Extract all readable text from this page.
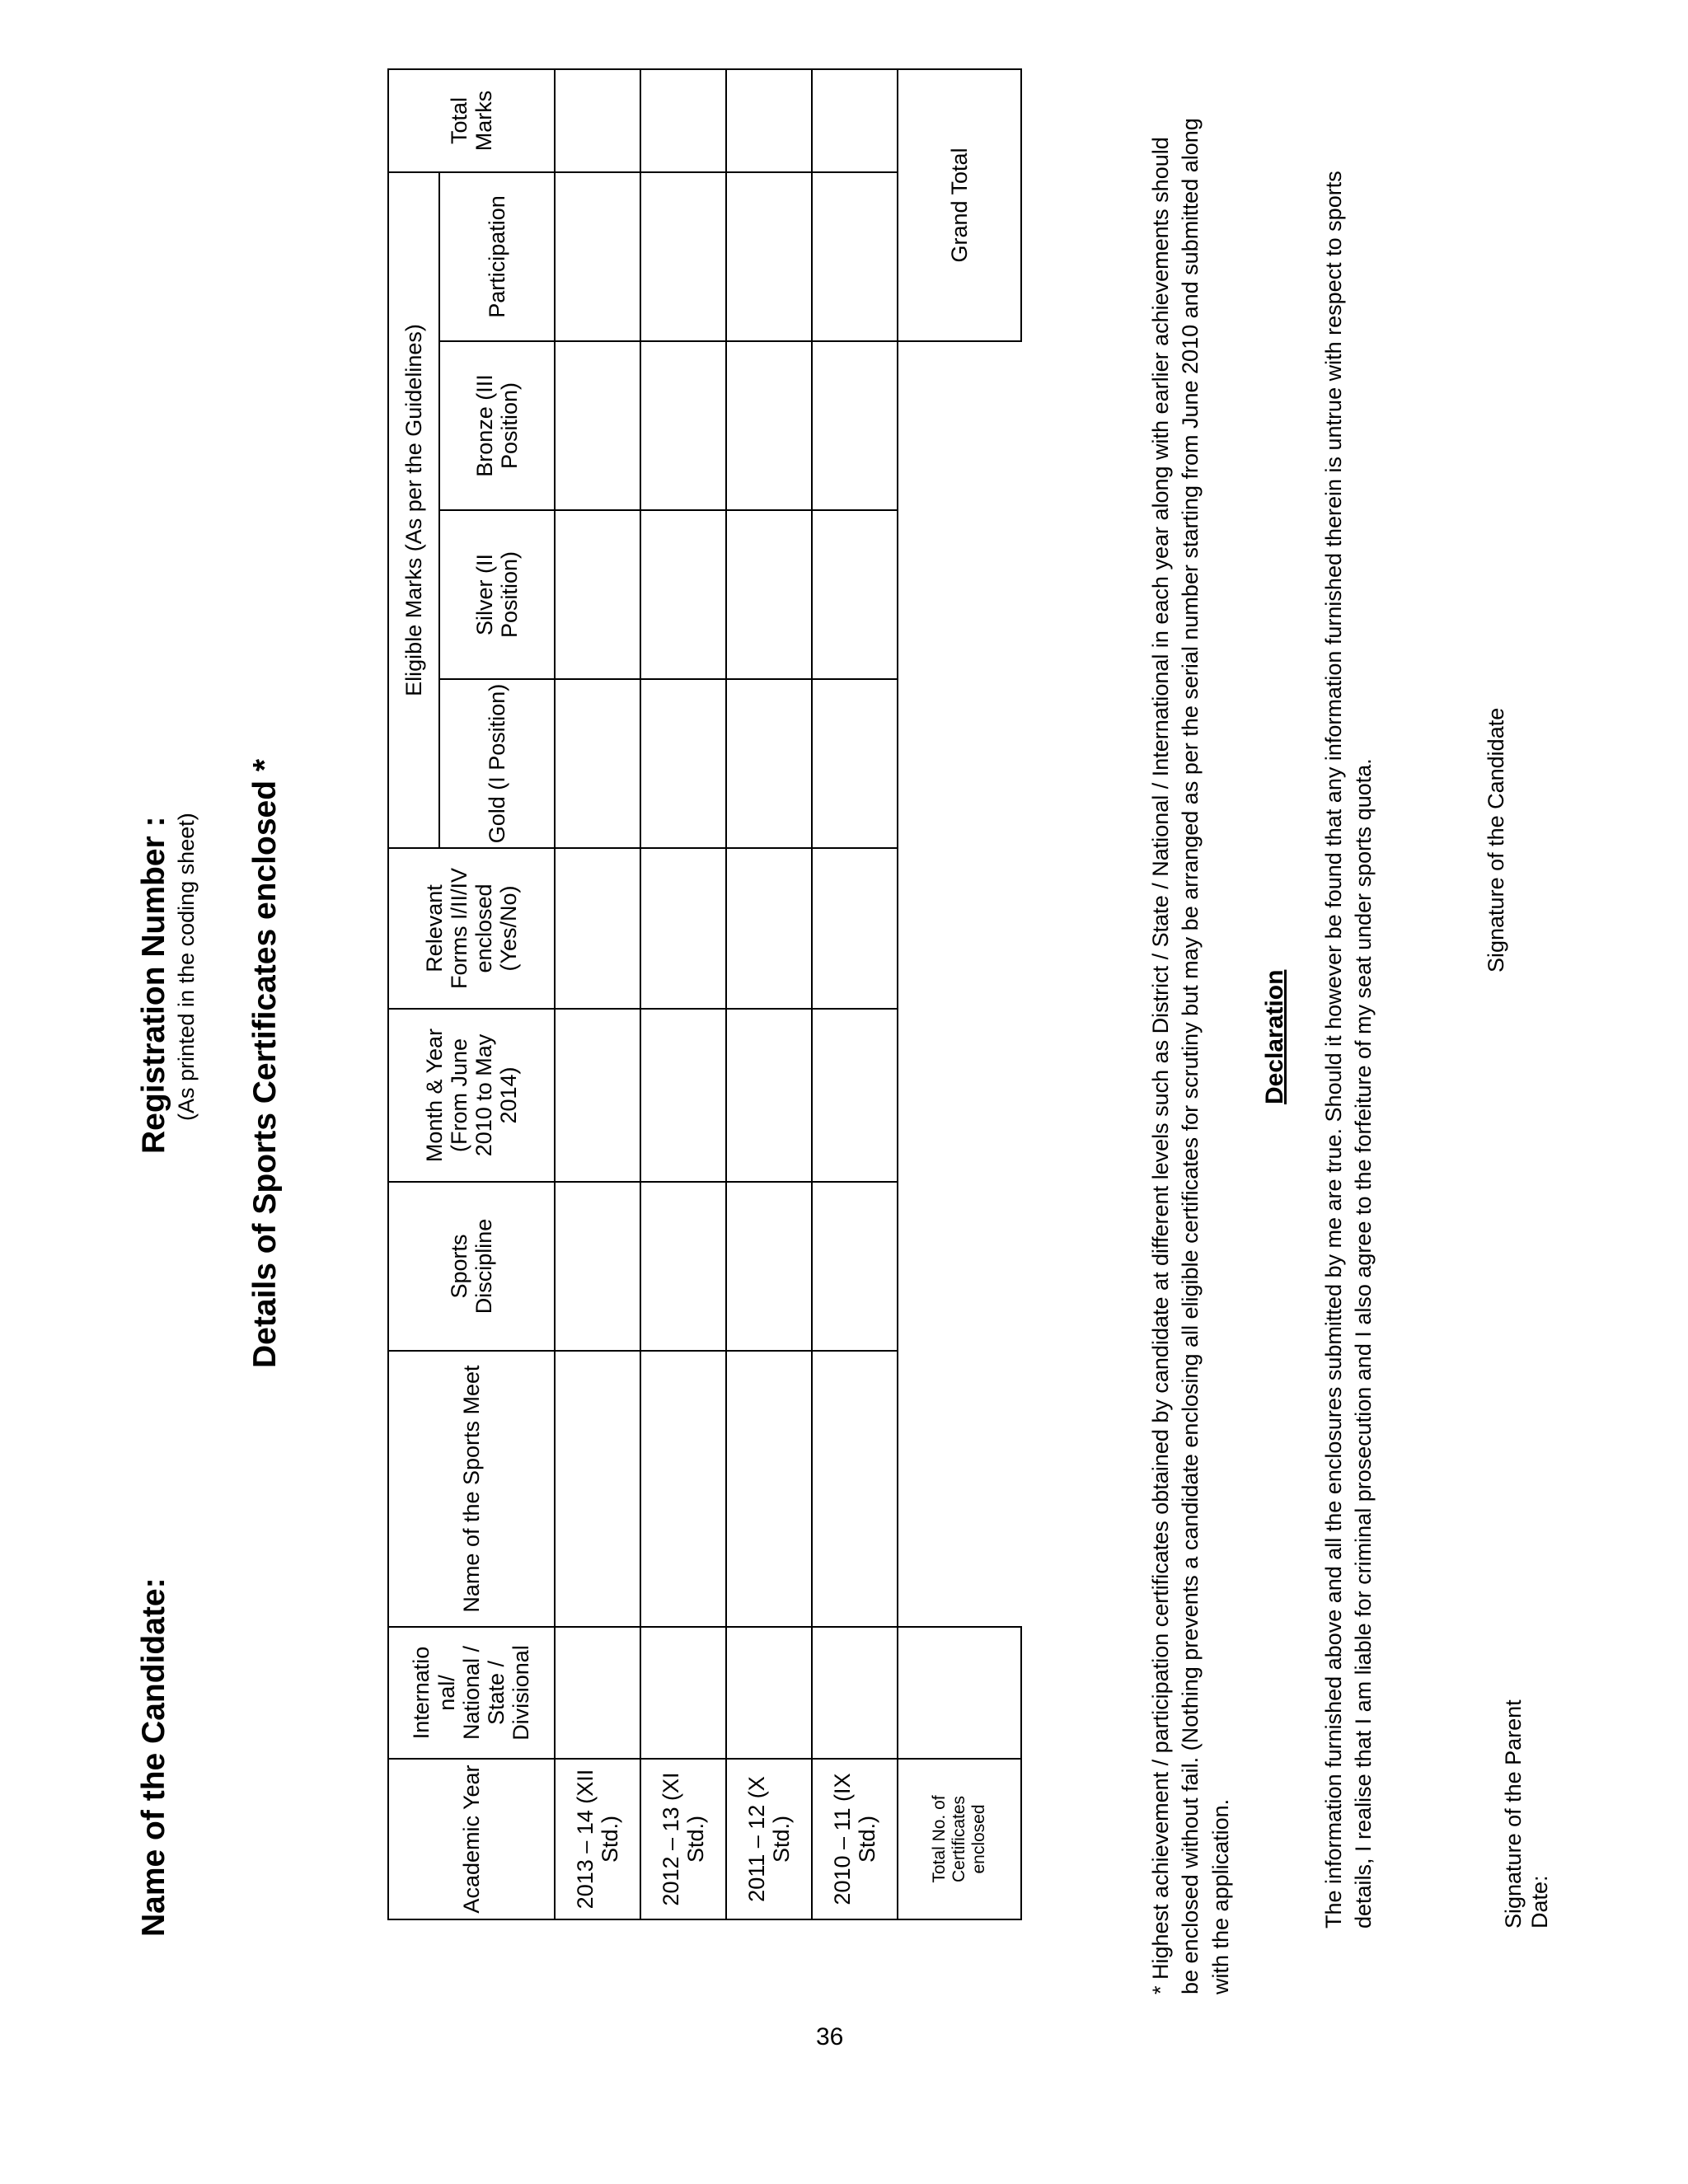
Name of the Candidate:
Registration Number : (As printed in the coding sheet) Details of Sports Certificates enclosed *
Academic Year	Internatio nal/ National / State / Divisional	Name of the Sports Meet	Sports Discipline	Month & Year (From June 2010 to May 2014)	Relevant Forms I/II/IV enclosed (Yes/No)	Eligible Marks (As per the Guidelines)				Total Marks
						Gold (I Position)	Silver (II Position)	Bronze (III Position)	Participation	
2013 – 14 (XII Std.)										
2012 – 13 (XI Std.)										
2011 – 12 (X Std.)										
2010 – 11 (IX Std.)										
Total No. of Certificates enclosed									Grand Total		* Highest achievement / participation certificates obtained by candidate at different levels such as District / State / National / International in each year along with earlier achievements should be enclosed without fail. (Nothing prevents a candidate enclosing all eligible certificates for scrutiny but may be arranged as per the serial number starting from June 2010 and submitted along with the application.
Declaration The information furnished above and all the enclosures submitted by me are true. Should it however be found that any information furnished therein is untrue with respect to sports details, I realise that I am liable for criminal prosecution and I also agree to the forfeiture of my seat under sports quota.	Signature of the Parent Date:
Signature of the Candidate
36
